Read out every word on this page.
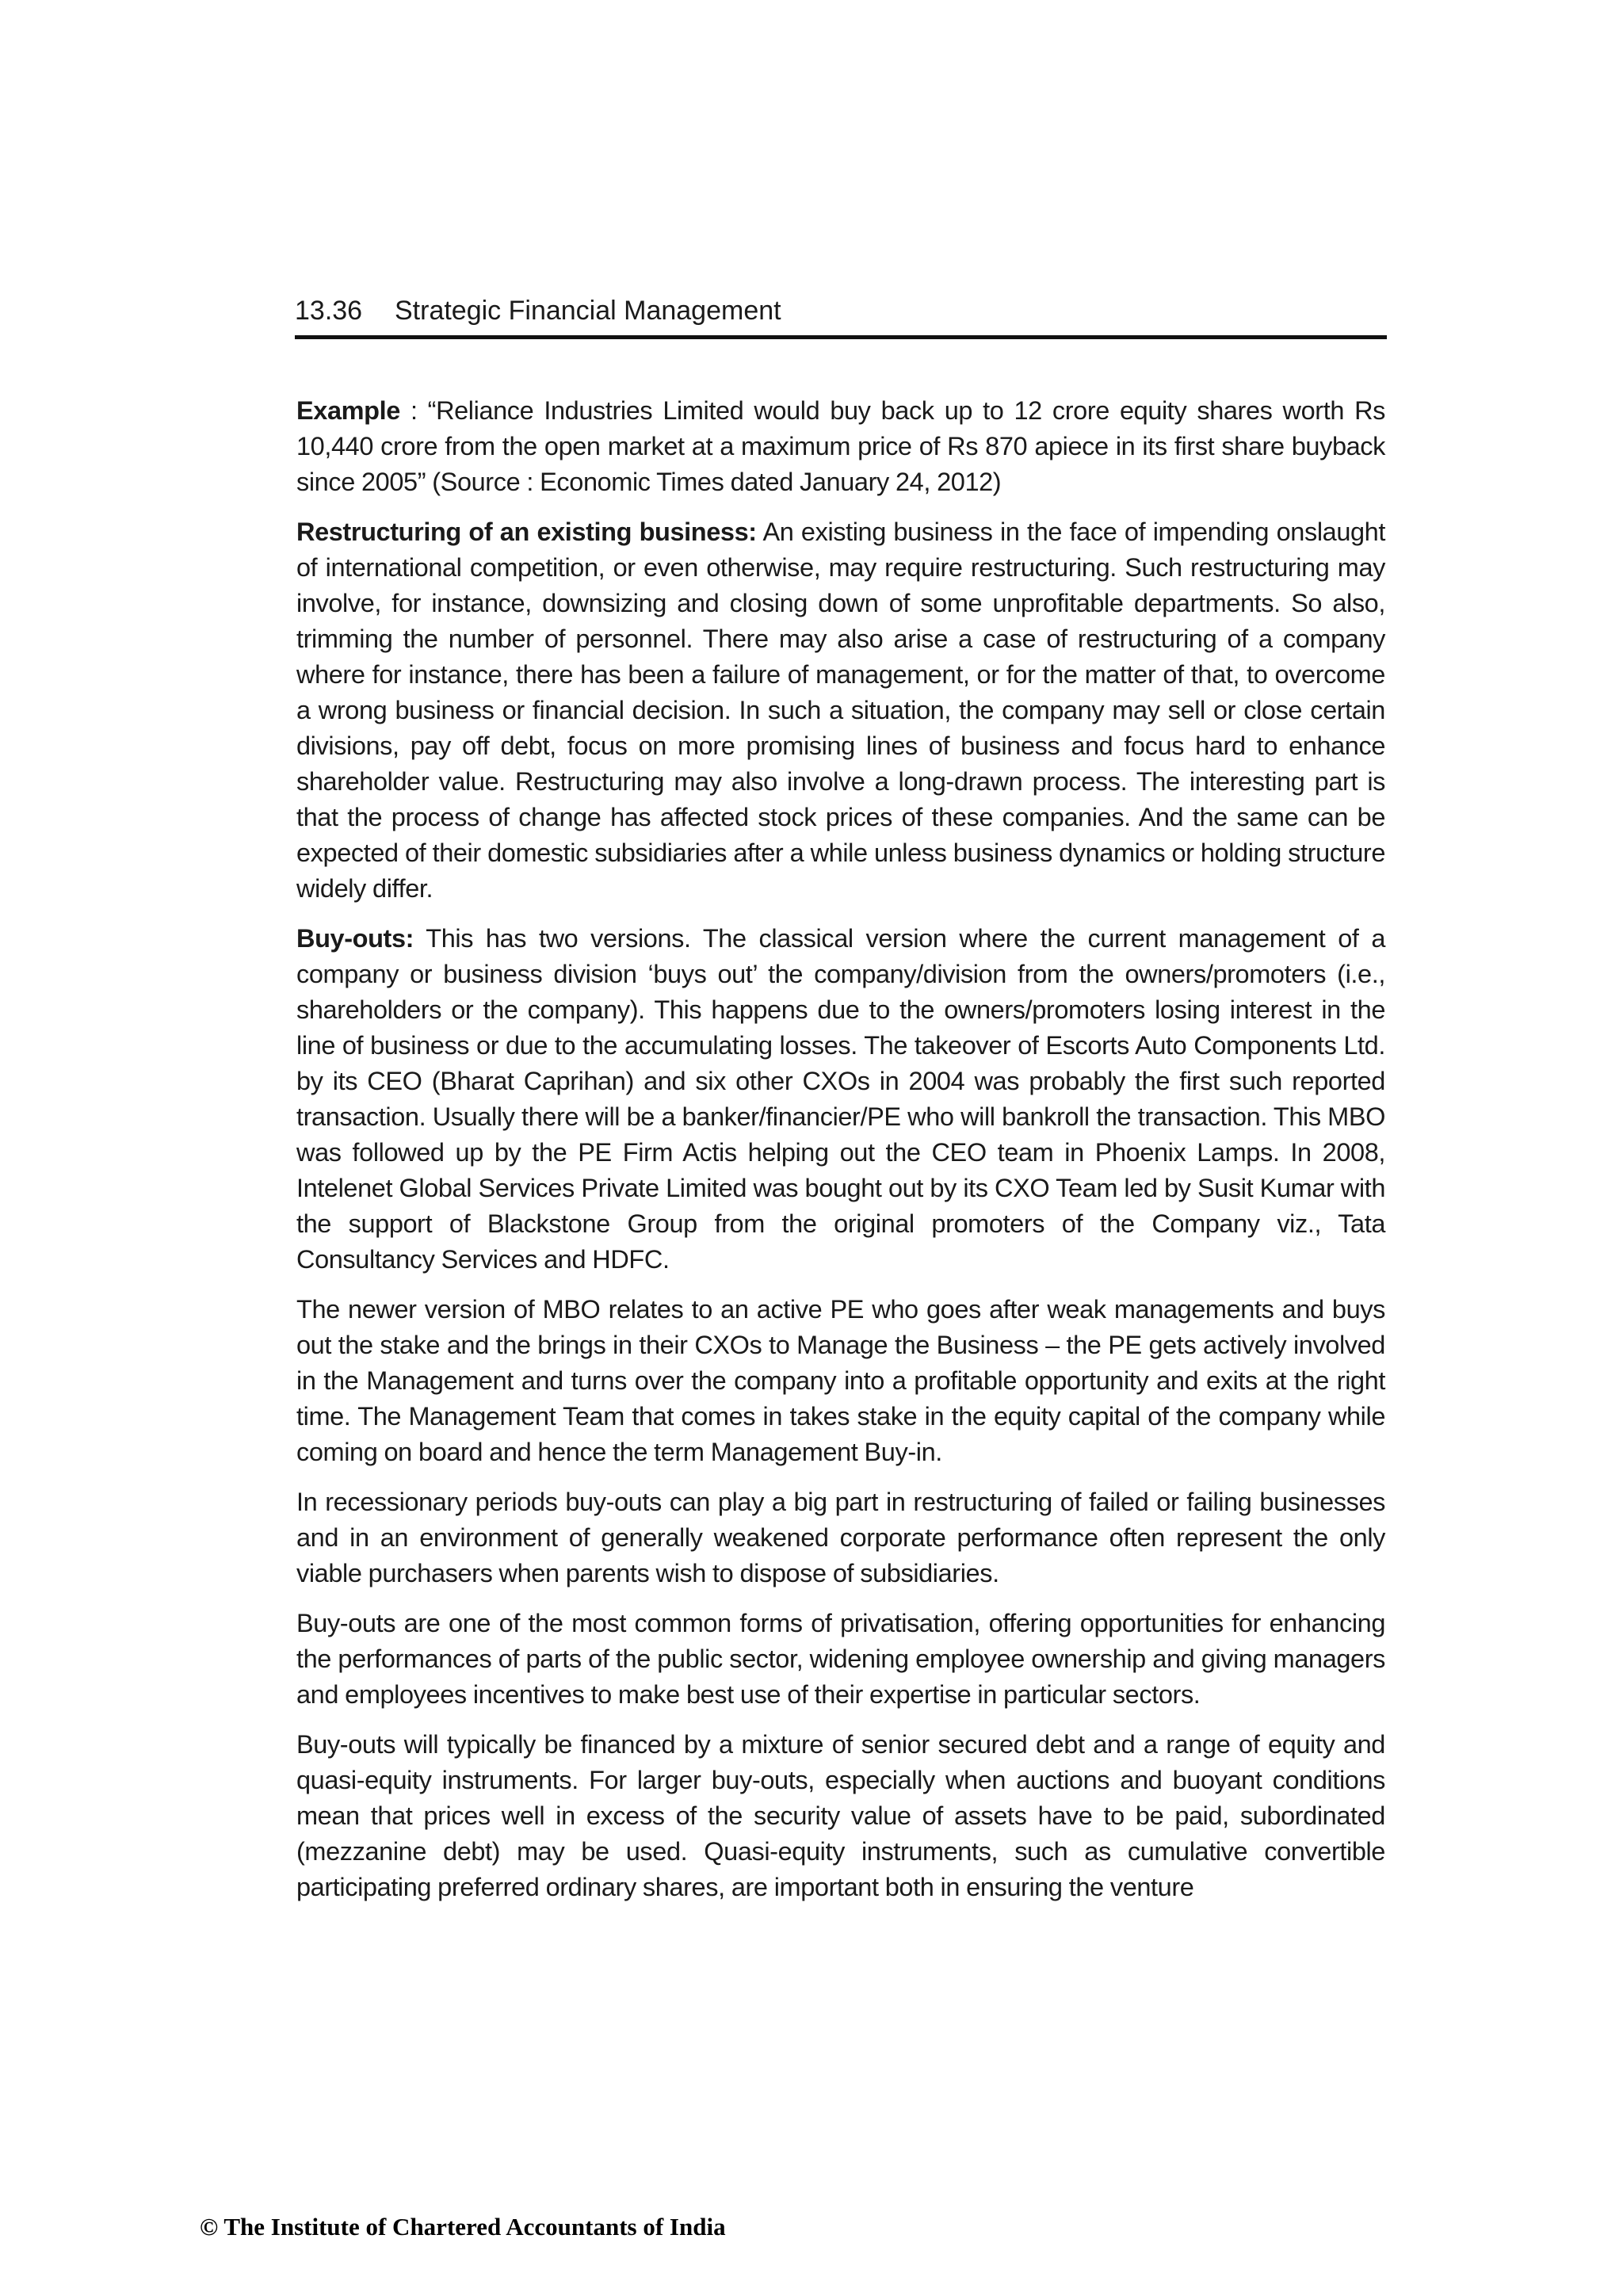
13.36	Strategic Financial Management

Example : “Reliance Industries Limited would buy back up to 12 crore equity shares worth Rs 10,440 crore from the open market at a maximum price of Rs 870 apiece in its first share buyback since 2005” (Source : Economic Times dated January 24, 2012)

Restructuring of an existing business: An existing business in the face of impending onslaught of international competition, or even otherwise, may require restructuring. Such restructuring may involve, for instance, downsizing and closing down of some unprofitable departments. So also, trimming the number of personnel. There may also arise a case of restructuring of a company where for instance, there has been a failure of management, or for the matter of that, to overcome a wrong business or financial decision. In such a situation, the company may sell or close certain divisions, pay off debt, focus on more promising lines of business and focus hard to enhance shareholder value. Restructuring may also involve a long-drawn process. The interesting part is that the process of change has affected stock prices of these companies. And the same can be expected of their domestic subsidiaries after a while unless business dynamics or holding structure widely differ.

Buy-outs: This has two versions. The classical version where the current management of a company or business division ‘buys out’ the company/division from the owners/promoters (i.e., shareholders or the company). This happens due to the owners/promoters losing interest in the line of business or due to the accumulating losses. The takeover of Escorts Auto Components Ltd. by its CEO (Bharat Caprihan) and six other CXOs in 2004 was probably the first such reported transaction. Usually there will be a banker/financier/PE who will bankroll the transaction. This MBO was followed up by the PE Firm Actis helping out the CEO team in Phoenix Lamps. In 2008, Intelenet Global Services Private Limited was bought out by its CXO Team led by Susit Kumar with the support of Blackstone Group from the original promoters of the Company viz., Tata Consultancy Services and HDFC.

The newer version of MBO relates to an active PE who goes after weak managements and buys out the stake and the brings in their CXOs to Manage the Business – the PE gets actively involved in the Management and turns over the company into a profitable opportunity and exits at the right time. The Management Team that comes in takes stake in the equity capital of the company while coming on board and hence the term Management Buy-in.

In recessionary periods buy-outs can play a big part in restructuring of failed or failing businesses and in an environment of generally weakened corporate performance often represent the only viable purchasers when parents wish to dispose of subsidiaries.

Buy-outs are one of the most common forms of privatisation, offering opportunities for enhancing the performances of parts of the public sector, widening employee ownership and giving managers and employees incentives to make best use of their expertise in particular sectors.

Buy-outs will typically be financed by a mixture of senior secured debt and a range of equity and quasi-equity instruments. For larger buy-outs, especially when auctions and buoyant conditions mean that prices well in excess of the security value of assets have to be paid, subordinated (mezzanine debt) may be used. Quasi-equity instruments, such as cumulative convertible participating preferred ordinary shares, are important both in ensuring the venture

© The Institute of Chartered Accountants of India
